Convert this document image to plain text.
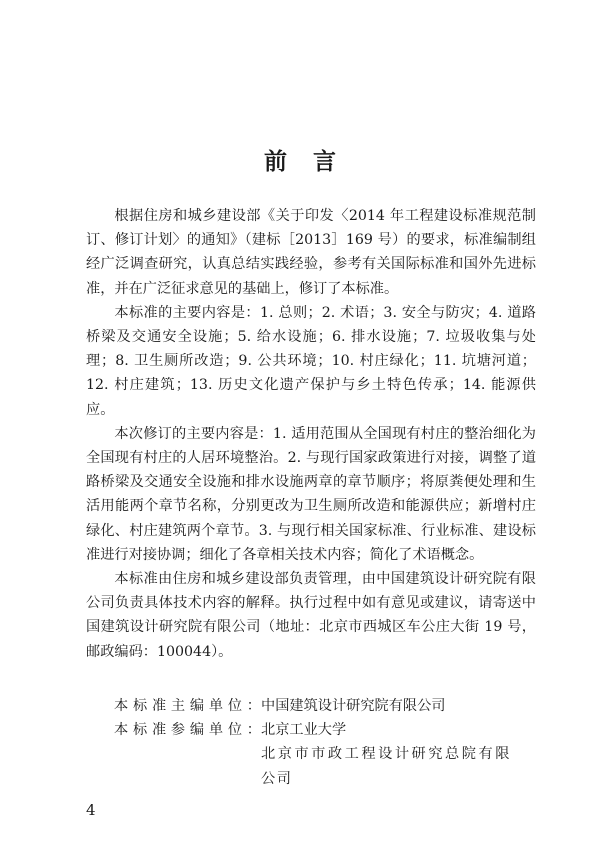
前言

根据住房和城乡建设部《关于印发〈2014 年工程建设标准规范制订、修订计划〉的通知》（建标［2013］169 号）的要求，标准编制组经广泛调查研究，认真总结实践经验，参考有关国际标准和国外先进标准，并在广泛征求意见的基础上，修订了本标准。

本标准的主要内容是：1. 总则；2. 术语；3. 安全与防灾；4. 道路桥梁及交通安全设施；5. 给水设施；6. 排水设施；7. 垃圾收集与处理；8. 卫生厕所改造；9. 公共环境；10. 村庄绿化；11. 坑塘河道；12. 村庄建筑；13. 历史文化遗产保护与乡土特色传承；14. 能源供应。

本次修订的主要内容是：1. 适用范围从全国现有村庄的整治细化为全国现有村庄的人居环境整治。2. 与现行国家政策进行对接，调整了道路桥梁及交通安全设施和排水设施两章的章节顺序；将原粪便处理和生活用能两个章节名称，分别更改为卫生厕所改造和能源供应；新增村庄绿化、村庄建筑两个章节。3. 与现行相关国家标准、行业标准、建设标准进行对接协调；细化了各章相关技术内容；简化了术语概念。

本标准由住房和城乡建设部负责管理，由中国建筑设计研究院有限公司负责具体技术内容的解释。执行过程中如有意见或建议，请寄送中国建筑设计研究院有限公司（地址：北京市西城区车公庄大街 19 号，邮政编码：100044）。

本标准主编单位： 中国建筑设计研究院有限公司
本标准参编单位： 北京工业大学
北京市市政工程设计研究总院有限公司
4
